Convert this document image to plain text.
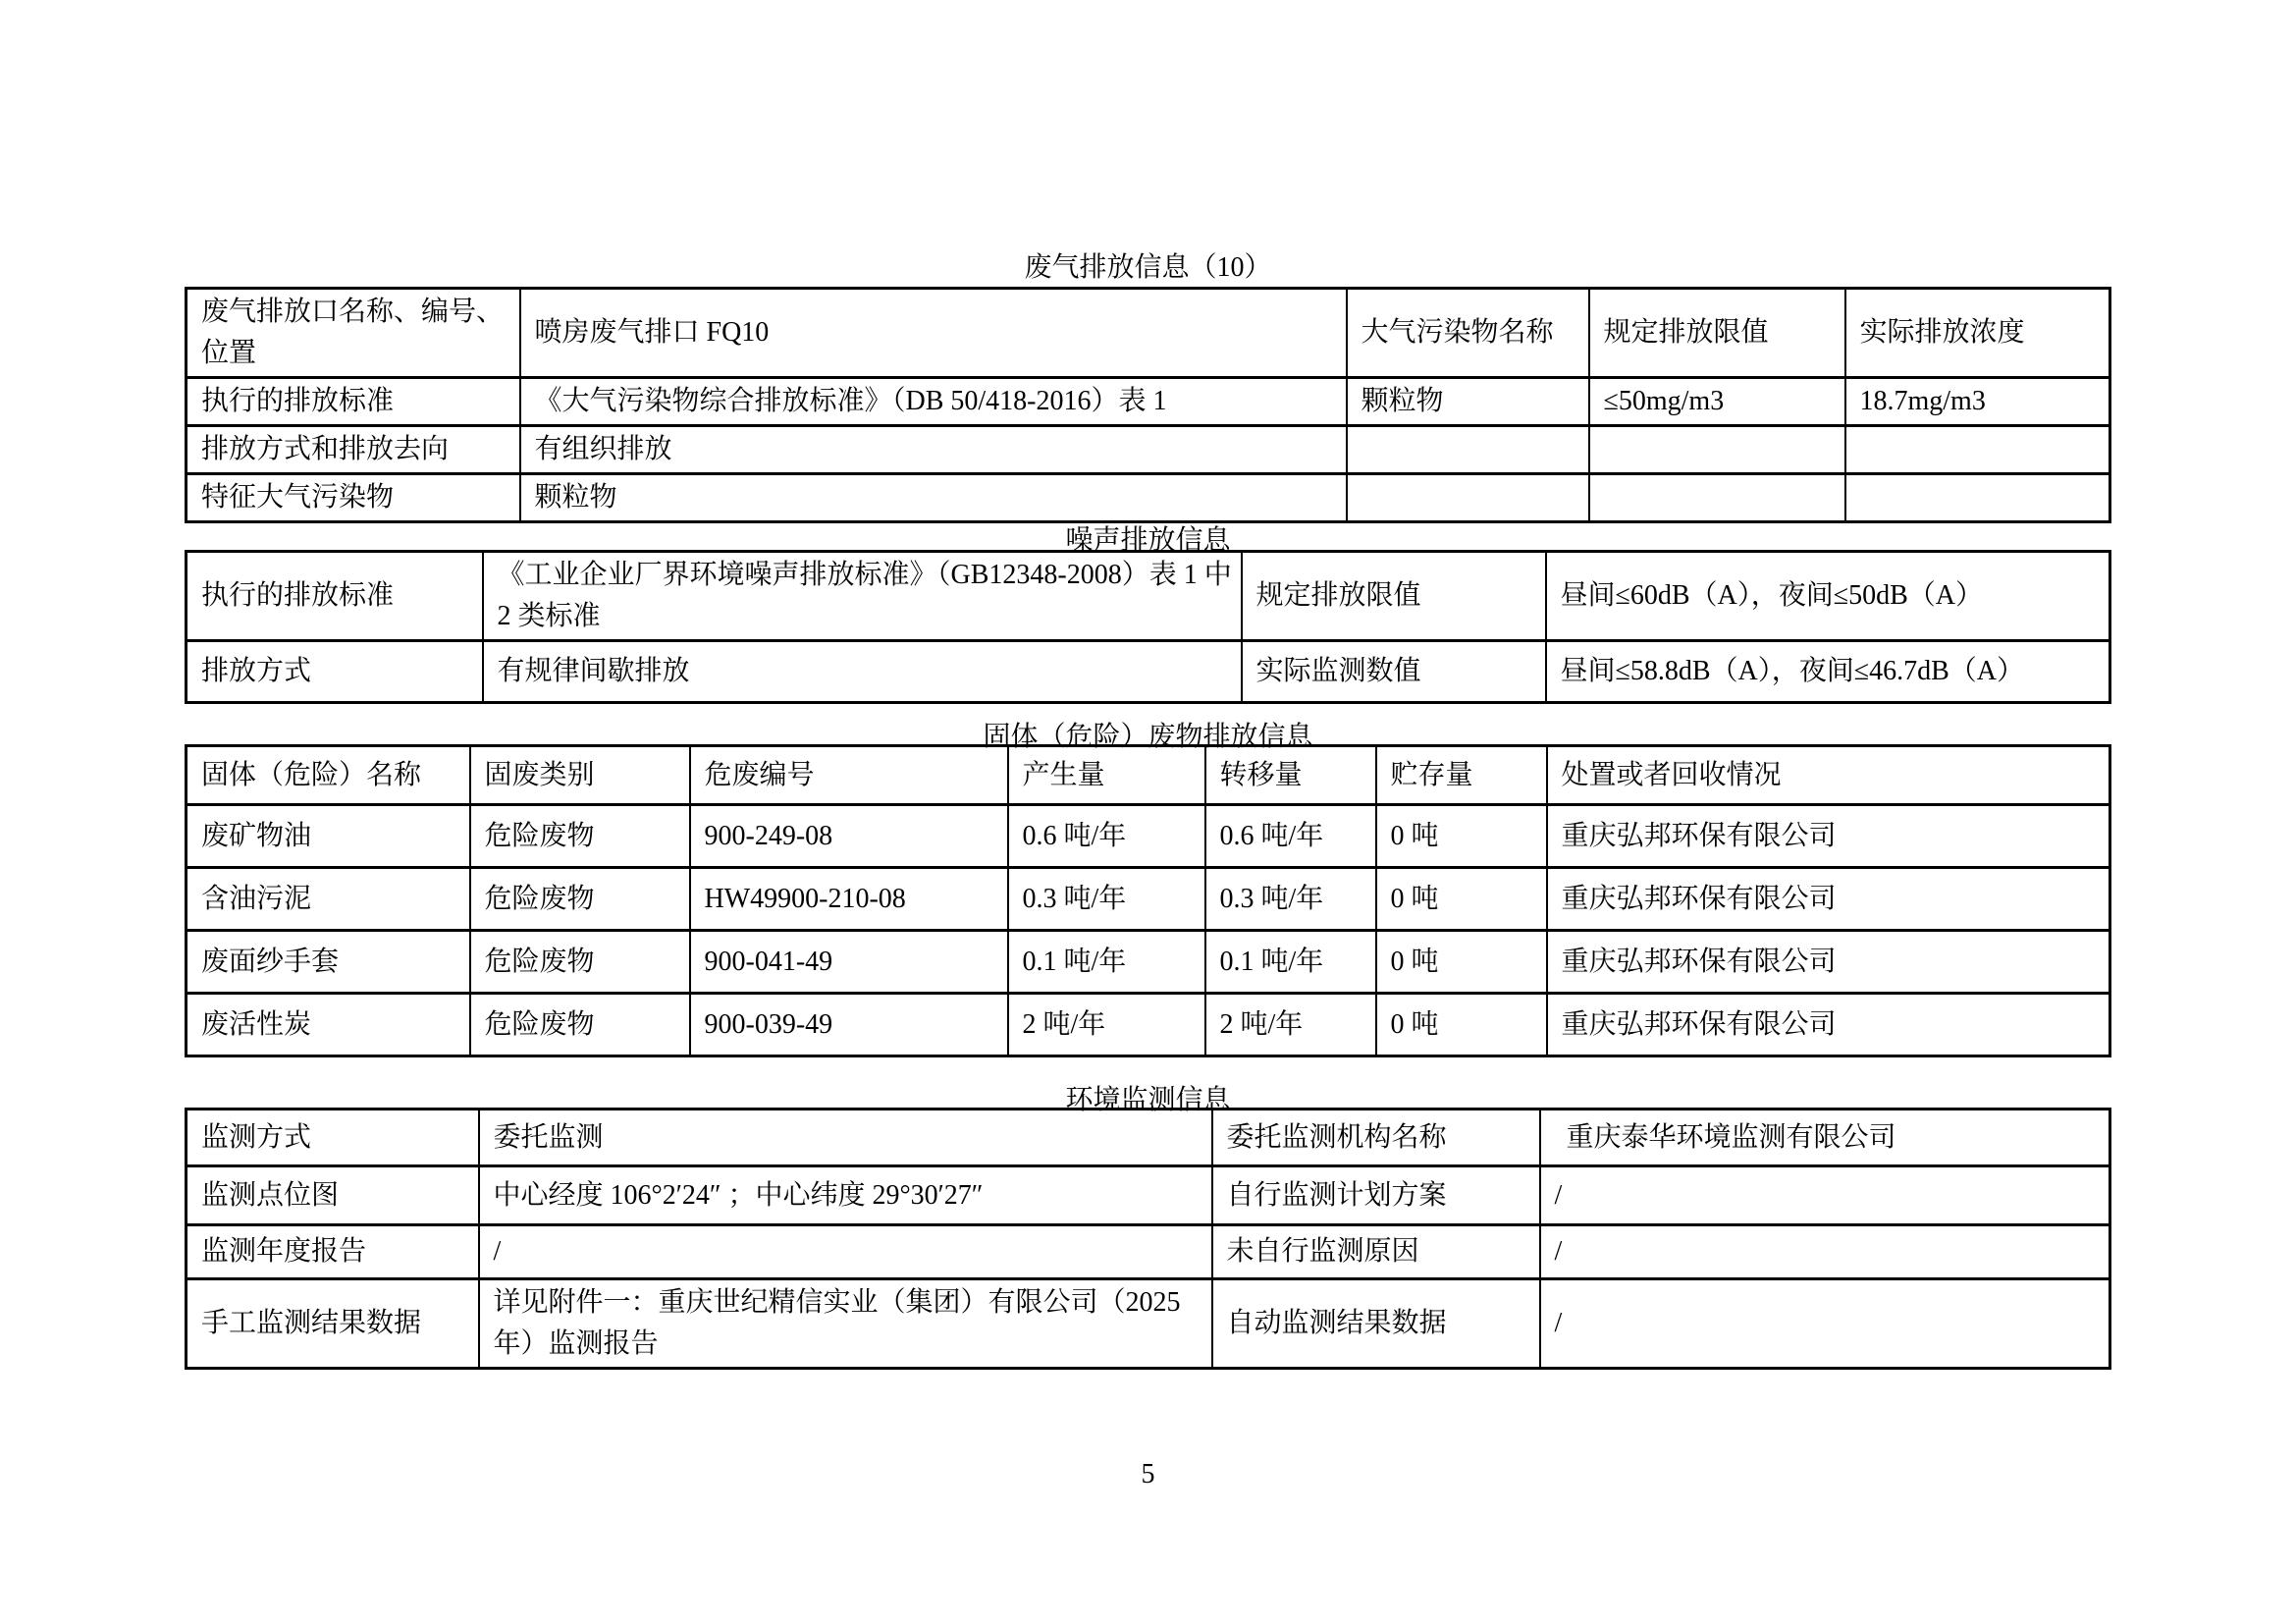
废气排放信息（10）
废气排放口名称、编号、位置	喷房废气排口 FQ10	大气污染物名称	规定排放限值	实际排放浓度
执行的排放标准	《大气污染物综合排放标准》（DB 50/418-2016）表 1	颗粒物	≤50mg/m3	18.7mg/m3
排放方式和排放去向	有组织排放			
特征大气污染物	颗粒物			
噪声排放信息
执行的排放标准	《工业企业厂界环境噪声排放标准》（GB12348-2008）表 1 中 2 类标准	规定排放限值	昼间≤60dB（A），夜间≤50dB（A）
排放方式	有规律间歇排放	实际监测数值	昼间≤58.8dB（A），夜间≤46.7dB（A）
固体（危险）废物排放信息
固体（危险）名称	固废类别	危废编号	产生量	转移量	贮存量	处置或者回收情况
废矿物油	危险废物	900-249-08	0.6 吨/年	0.6 吨/年	0 吨	重庆弘邦环保有限公司
含油污泥	危险废物	HW49900-210-08	0.3 吨/年	0.3 吨/年	0 吨	重庆弘邦环保有限公司
废面纱手套	危险废物	900-041-49	0.1 吨/年	0.1 吨/年	0 吨	重庆弘邦环保有限公司
废活性炭	危险废物	900-039-49	2 吨/年	2 吨/年	0 吨	重庆弘邦环保有限公司
环境监测信息
监测方式	委托监测	委托监测机构名称	重庆泰华环境监测有限公司
监测点位图	中心经度 106°2′24″ ；中心纬度 29°30′27″	自行监测计划方案	/
监测年度报告	/	未自行监测原因	/
手工监测结果数据	详见附件一：重庆世纪精信实业（集团）有限公司（2025年）监测报告	自动监测结果数据	/
5
